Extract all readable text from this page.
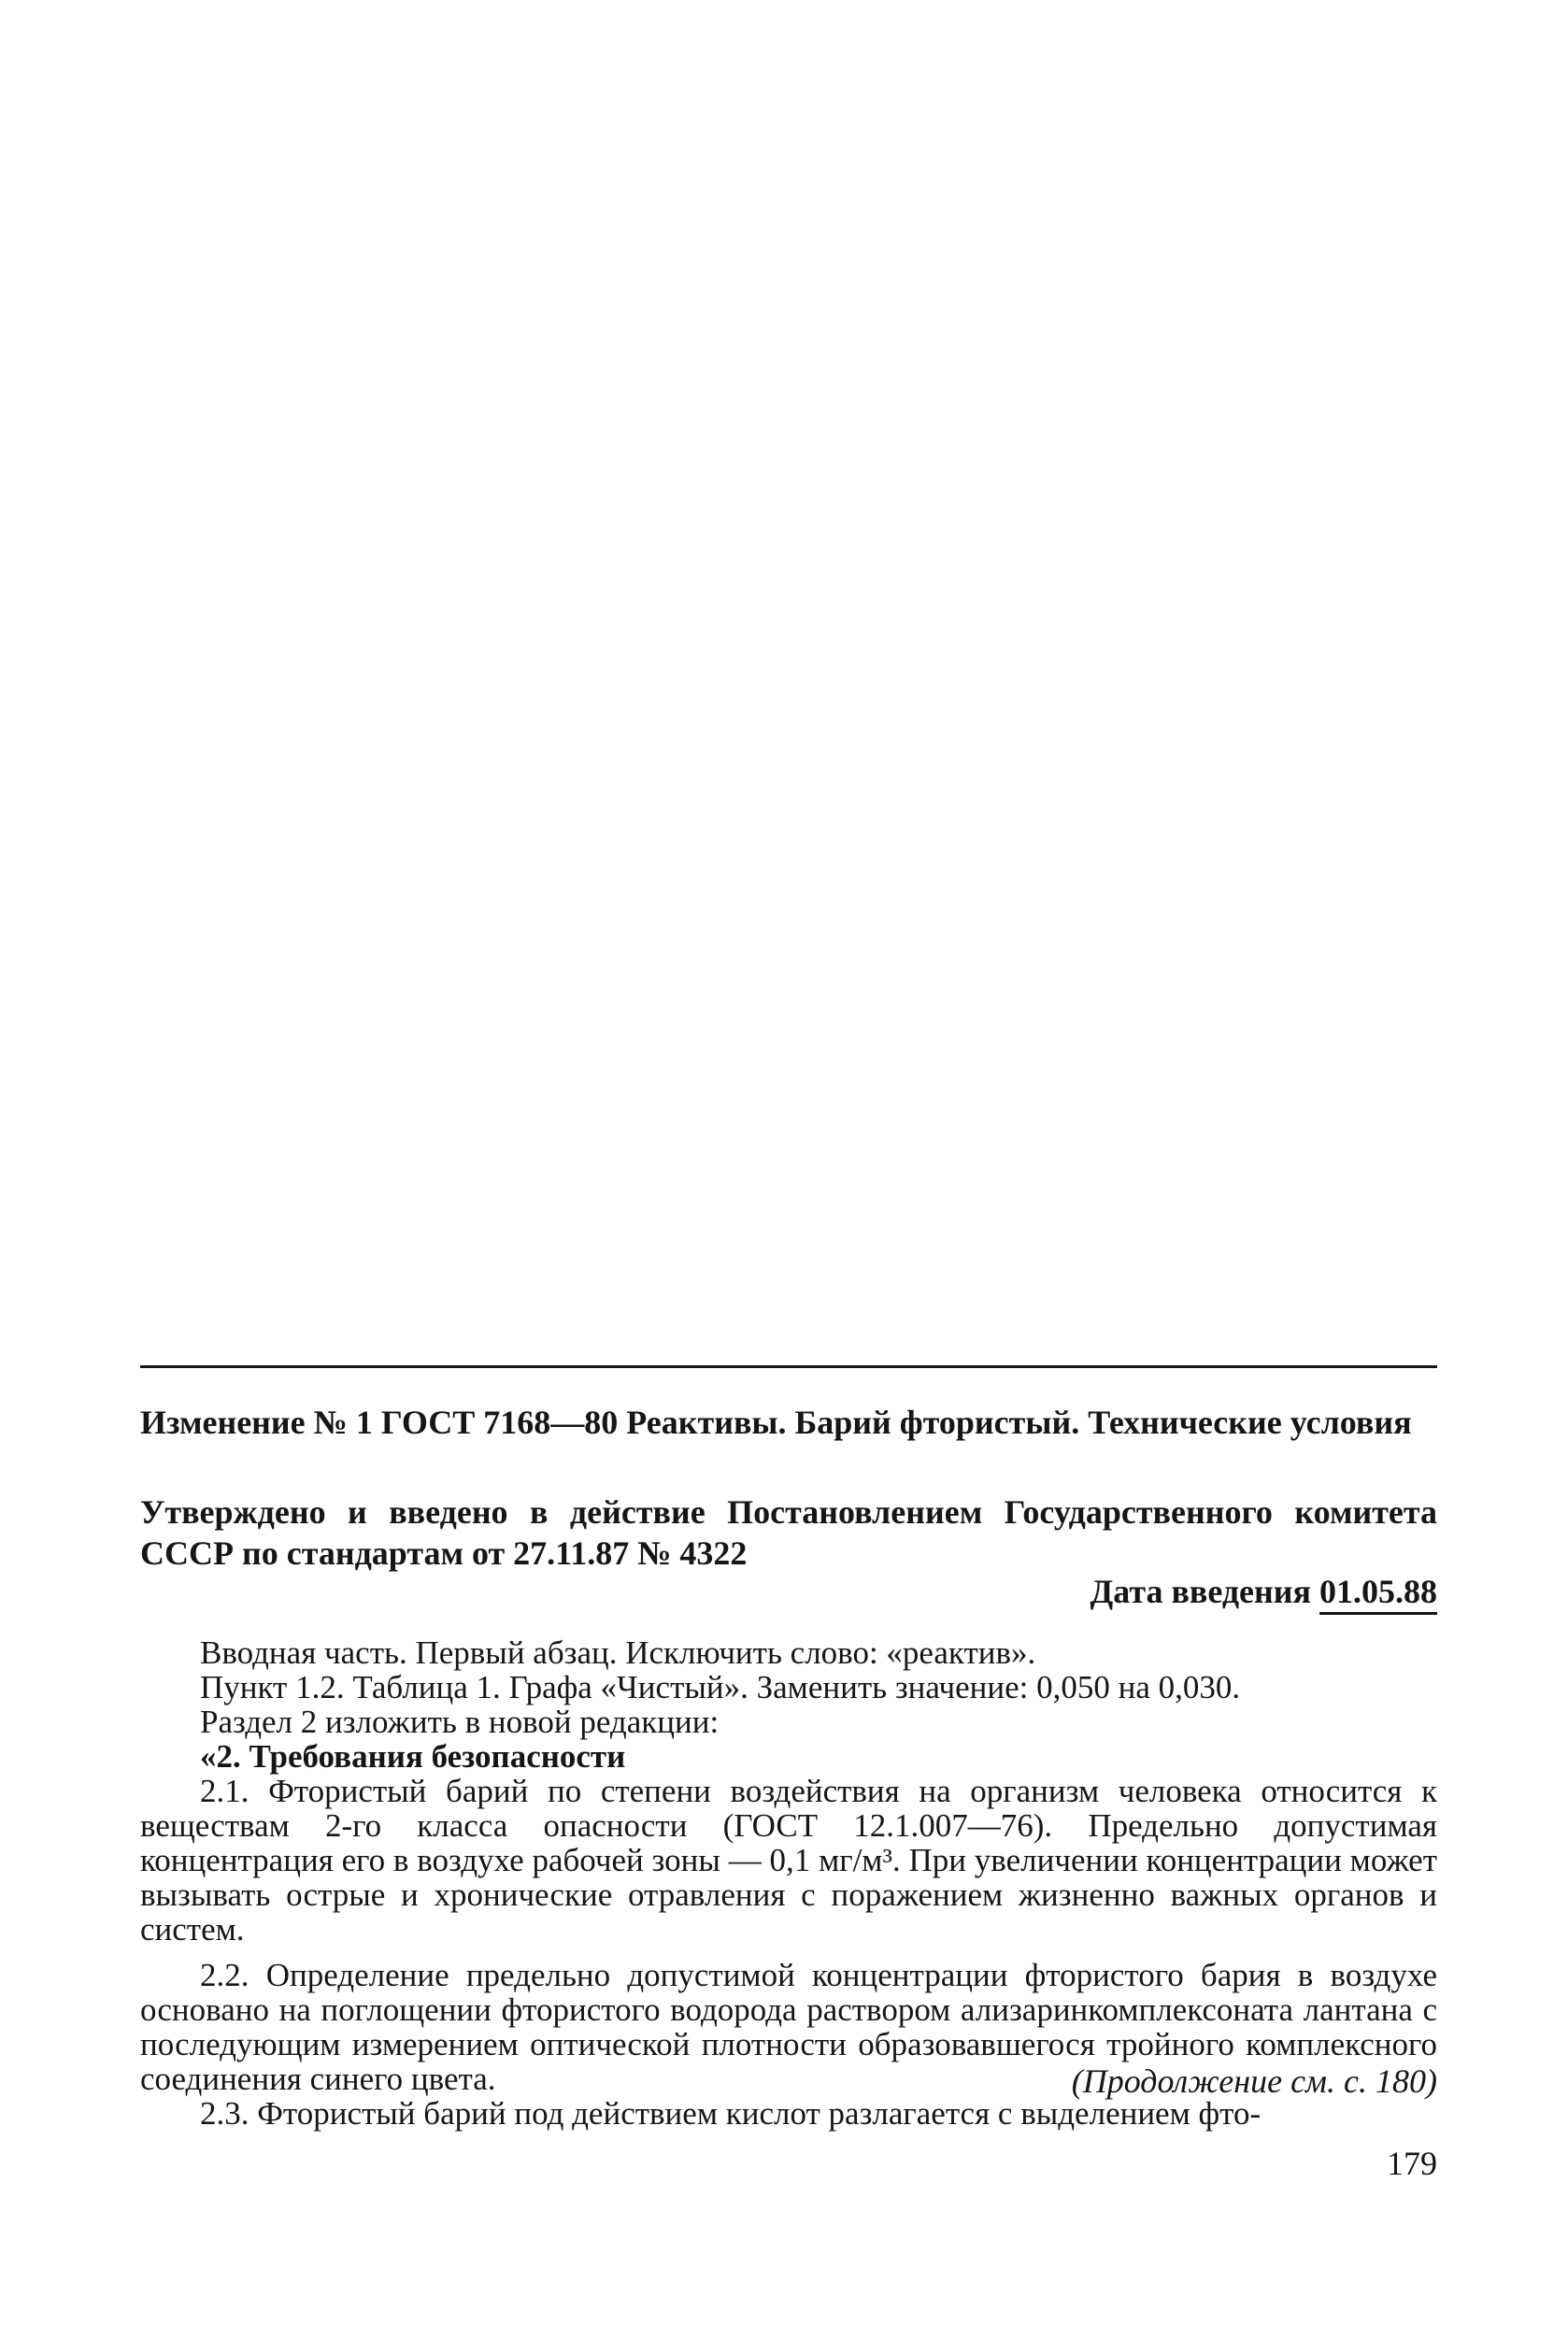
Изменение № 1 ГОСТ 7168—80 Реактивы. Барий фтористый. Технические условия

Утверждено и введено в действие Постановлением Государственного комитета СССР по стандартам от 27.11.87 № 4322

Дата введения 01.05.88

Вводная часть. Первый абзац. Исключить слово: «реактив».

Пункт 1.2. Таблица 1. Графа «Чистый». Заменить значение: 0,050 на 0,030.

Раздел 2 изложить в новой редакции:

«2. Требования безопасности

2.1. Фтористый барий по степени воздействия на организм человека относится к веществам 2-го класса опасности (ГОСТ 12.1.007—76). Предельно допустимая концентрация его в воздухе рабочей зоны — 0,1 мг/м³. При увеличении концентрации может вызывать острые и хронические отравления с поражением жизненно важных органов и систем.

2.2. Определение предельно допустимой концентрации фтористого бария в воздухе основано на поглощении фтористого водорода раствором ализаринкомплексоната лантана с последующим измерением оптической плотности образовавшегося тройного комплексного соединения синего цвета.

2.3. Фтористый барий под действием кислот разлагается с выделением фто-

(Продолжение см. с. 180)
179
